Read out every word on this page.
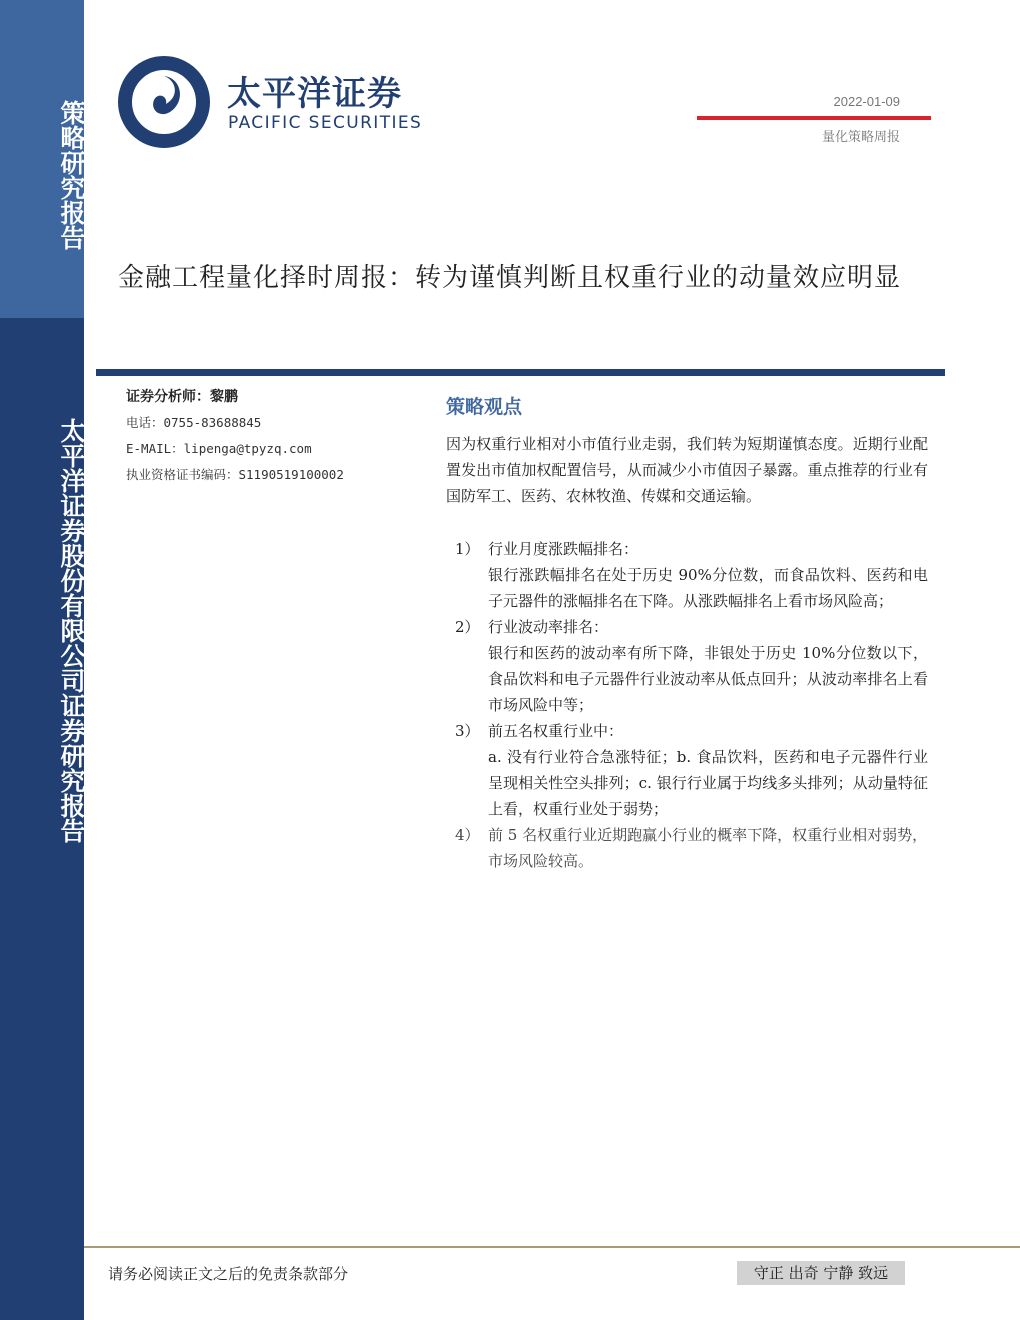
策略研究报告
太平洋证券股份有限公司证券研究报告
太平洋证券
PACIFIC SECURITIES
2022-01-09
量化策略周报
金融工程量化择时周报：转为谨慎判断且权重行业的动量效应明显
证券分析师：黎鹏
电话：0755-83688845
E-MAIL：lipenga@tpyzq.com
执业资格证书编码：S1190519100002
策略观点
因为权重行业相对小市值行业走弱，我们转为短期谨慎态度。近期行业配置发出市值加权配置信号，从而减少小市值因子暴露。重点推荐的行业有国防军工、医药、农林牧渔、传媒和交通运输。
1） 行业月度涨跌幅排名：
银行涨跌幅排名在处于历史 90%分位数，而食品饮料、医药和电子元器件的涨幅排名在下降。从涨跌幅排名上看市场风险高；
2） 行业波动率排名：
银行和医药的波动率有所下降，非银处于历史 10%分位数以下，食品饮料和电子元器件行业波动率从低点回升；从波动率排名上看市场风险中等；
3） 前五名权重行业中：
a. 没有行业符合急涨特征；b. 食品饮料，医药和电子元器件行业呈现相关性空头排列；c. 银行行业属于均线多头排列；从动量特征上看，权重行业处于弱势；
4） 前 5 名权重行业近期跑赢小行业的概率下降，权重行业相对弱势，市场风险较高。
请务必阅读正文之后的免责条款部分	守正 出奇 宁静 致远
